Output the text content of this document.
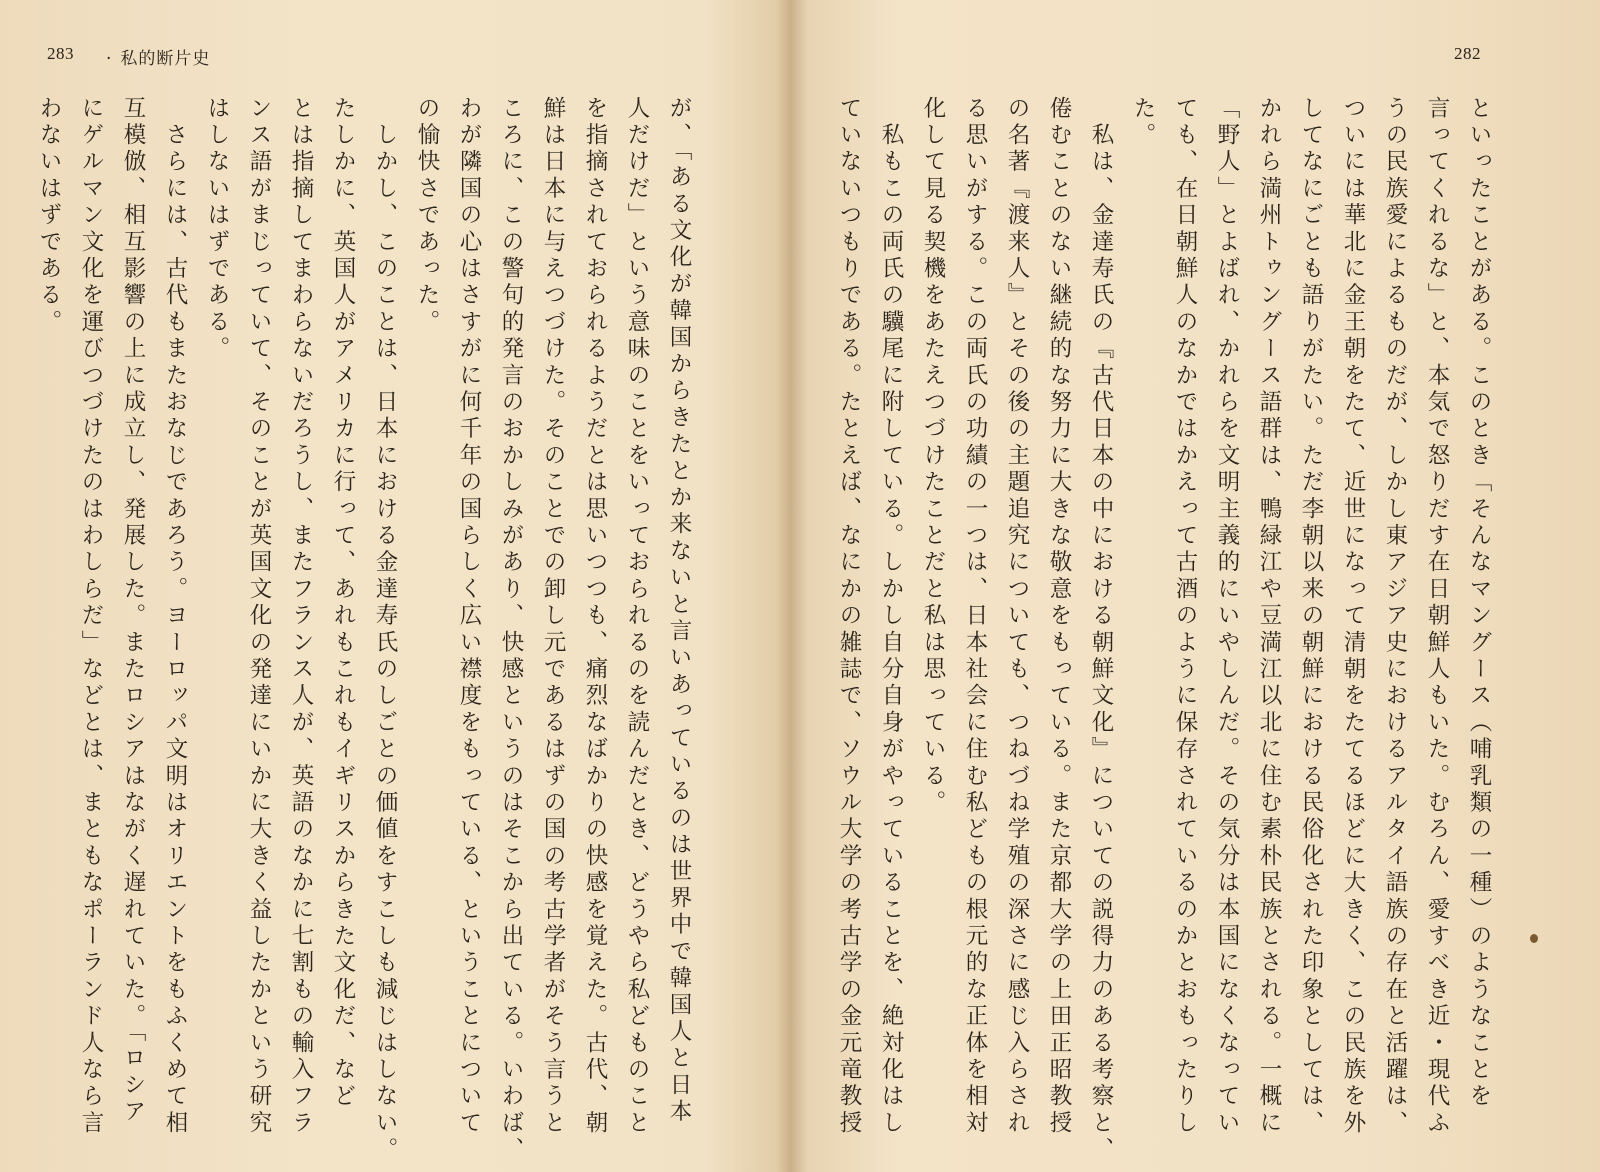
283 · 私的断片史

が、「ある文化が韓国からきたとか来ないと言いあっているのは世界中で韓国人と日本

人だけだ」という意味のことをいっておられるのを読んだとき、どうやら私どものこと

を指摘されておられるようだとは思いつつも、痛烈なばかりの快感を覚えた。古代、朝

鮮は日本に与えつづけた。そのことでの卸し元であるはずの国の考古学者がそう言うと

ころに、この警句的発言のおかしみがあり、快感というのはそこから出ている。いわば、

わが隣国の心はさすがに何千年の国らしく広い襟度をもっている、ということについて

の愉快さであった。

　しかし、このことは、日本における金達寿氏のしごとの価値をすこしも減じはしない。

たしかに、英国人がアメリカに行って、あれもこれもイギリスからきた文化だ、など

とは指摘してまわらないだろうし、またフランス人が、英語のなかに七割もの輸入フラ

ンス語がまじっていて、そのことが英国文化の発達にいかに大きく益したかという研究

はしないはずである。

　さらには、古代もまたおなじであろう。ヨーロッパ文明はオリエントをもふくめて相

互模倣、相互影響の上に成立し、発展した。またロシアはながく遅れていた。「ロシア

にゲルマン文化を運びつづけたのはわしらだ」などとは、まともなポーランド人なら言

わないはずである。

282

といったことがある。このとき「そんなマングース（哺乳類の一種）のようなことを

言ってくれるな」と、本気で怒りだす在日朝鮮人もいた。むろん、愛すべき近・現代ふ

うの民族愛によるものだが、しかし東アジア史におけるアルタイ語族の存在と活躍は、

ついには華北に金王朝をたて、近世になって清朝をたてるほどに大きく、この民族を外

してなにごとも語りがたい。ただ李朝以来の朝鮮における民俗化された印象としては、

かれら満州トゥングース語群は、鴨緑江や豆満江以北に住む素朴民族とされる。一概に

「野人」とよばれ、かれらを文明主義的にいやしんだ。その気分は本国になくなってい

ても、在日朝鮮人のなかではかえって古酒のように保存されているのかとおもったりし

た。

　私は、金達寿氏の『古代日本の中における朝鮮文化』についての説得力のある考察と、

倦むことのない継続的な努力に大きな敬意をもっている。また京都大学の上田正昭教授

の名著『渡来人』とその後の主題追究についても、つねづね学殖の深さに感じ入らされ

る思いがする。この両氏の功績の一つは、日本社会に住む私どもの根元的な正体を相対

化して見る契機をあたえつづけたことだと私は思っている。

　私もこの両氏の驥尾に附している。しかし自分自身がやっていることを、絶対化はし

ていないつもりである。たとえば、なにかの雑誌で、ソウル大学の考古学の金元竜教授
